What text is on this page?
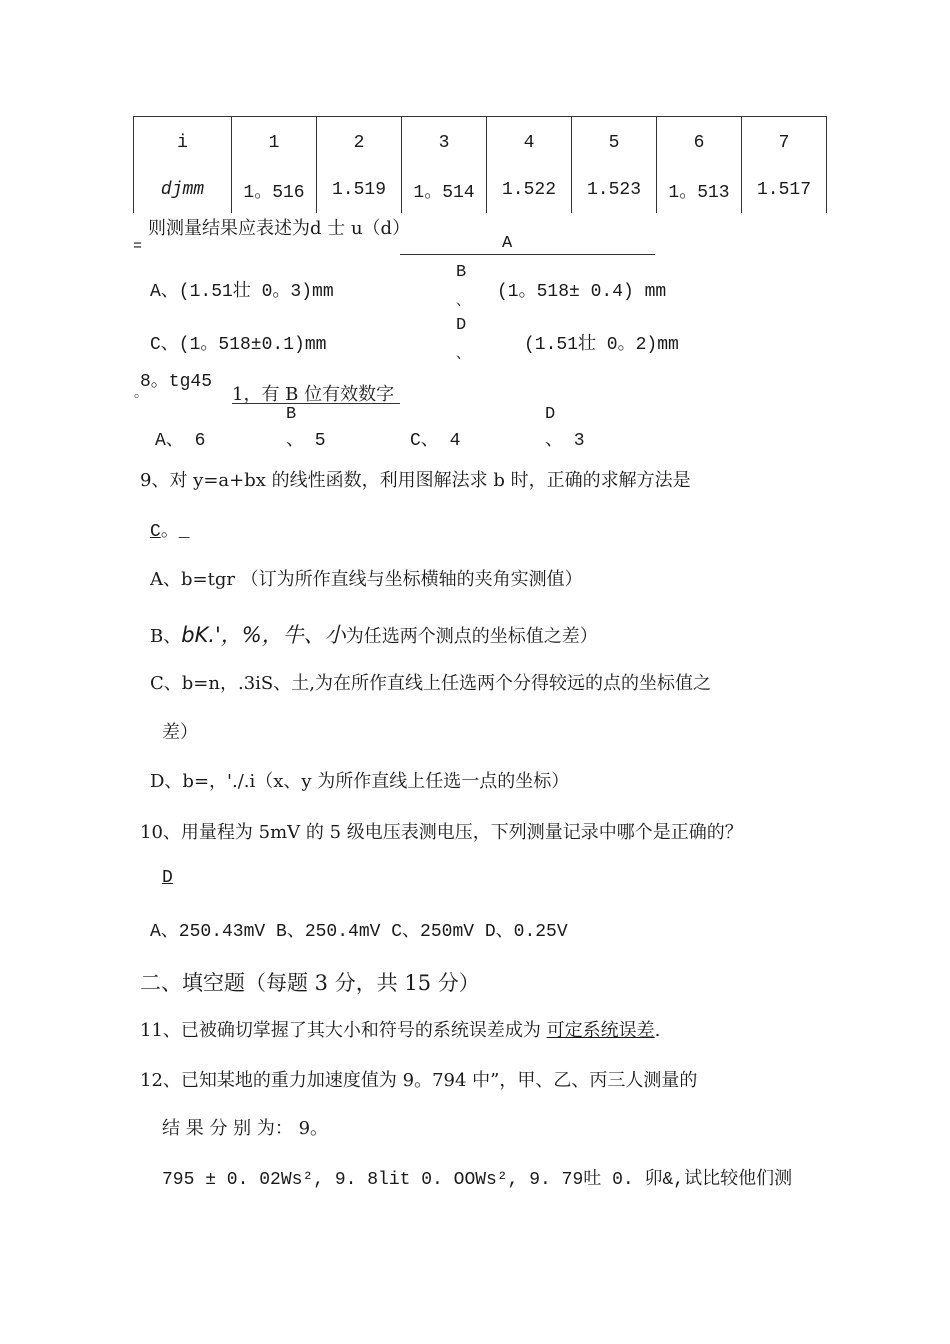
i	1	2	3	4	5	6	7
djmm	1。516	1.519	1。514	1.522	1.523	1。513	1.517
则测量结果应表述为d 士 u（d）
=	A
A、(1.51壮 0。3)mm
B
、 (1。518± 0.4) mm
C、(1。518±0.1)mm
D
、	(1.51壮 0。2)mm
8。tg45
。	1，有 B 位有效数字
A、 6
B
、 5	C、 4
D
、 3
9、对 y=a+bx 的线性函数，利用图解法求 b 时，正确的求解方法是
C。_
A、b=tgr （订为所作直线与坐标横轴的夹角实测值）
B、bK.'，%，牛、小为任选两个测点的坐标值之差）
C、b=n，.3iS、土,为在所作直线上任选两个分得较远的点的坐标值之
差）
D、b=，'./.i（x、y 为所作直线上任选一点的坐标）
10、用量程为 5mV 的 5 级电压表测电压，下列测量记录中哪个是正确的？
D
A、250.43mV B、250.4mV C、250mV D、0.25V
二、填空题（每题 3 分，共 15 分）
11、已被确切掌握了其大小和符号的系统误差成为 可定系统误差.
12、已知某地的重力加速度值为 9。794 中”，甲、乙、丙三人测量的
结 果 分 别 为： 9。
795 ± 0. 02Ws², 9. 8lit 0. OOWs², 9. 79吐 0. 卯&,试比较他们测
